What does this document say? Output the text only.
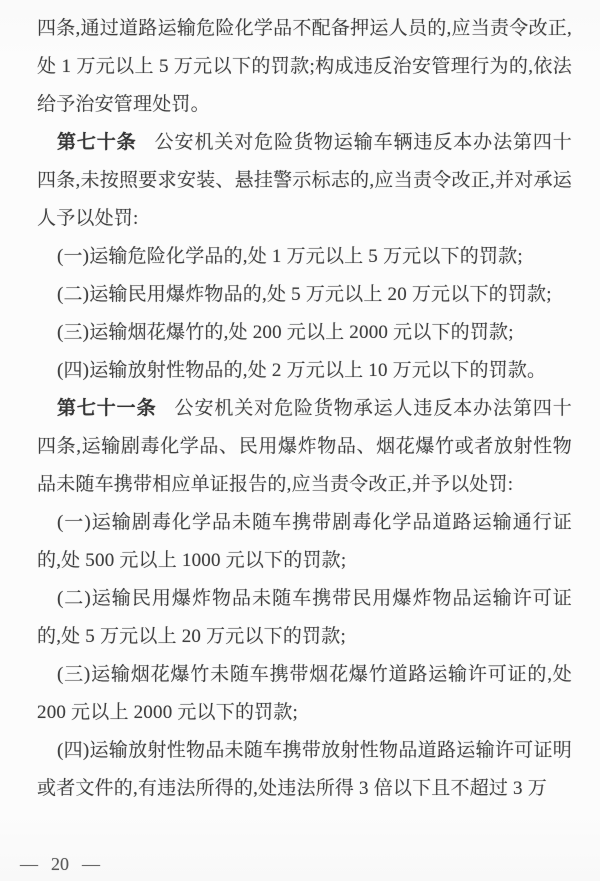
四条,通过道路运输危险化学品不配备押运人员的,应当责令改正,处 1 万元以上 5 万元以下的罚款;构成违反治安管理行为的,依法给予治安管理处罚。

第七十条 公安机关对危险货物运输车辆违反本办法第四十四条,未按照要求安装、悬挂警示标志的,应当责令改正,并对承运人予以处罚:

(一)运输危险化学品的,处 1 万元以上 5 万元以下的罚款;

(二)运输民用爆炸物品的,处 5 万元以上 20 万元以下的罚款;

(三)运输烟花爆竹的,处 200 元以上 2000 元以下的罚款;

(四)运输放射性物品的,处 2 万元以上 10 万元以下的罚款。

第七十一条 公安机关对危险货物承运人违反本办法第四十四条,运输剧毒化学品、民用爆炸物品、烟花爆竹或者放射性物品未随车携带相应单证报告的,应当责令改正,并予以处罚:

(一)运输剧毒化学品未随车携带剧毒化学品道路运输通行证的,处 500 元以上 1000 元以下的罚款;

(二)运输民用爆炸物品未随车携带民用爆炸物品运输许可证的,处 5 万元以上 20 万元以下的罚款;

(三)运输烟花爆竹未随车携带烟花爆竹道路运输许可证的,处 200 元以上 2000 元以下的罚款;

(四)运输放射性物品未随车携带放射性物品道路运输许可证明或者文件的,有违法所得的,处违法所得 3 倍以下且不超过 3 万

— 20 —
